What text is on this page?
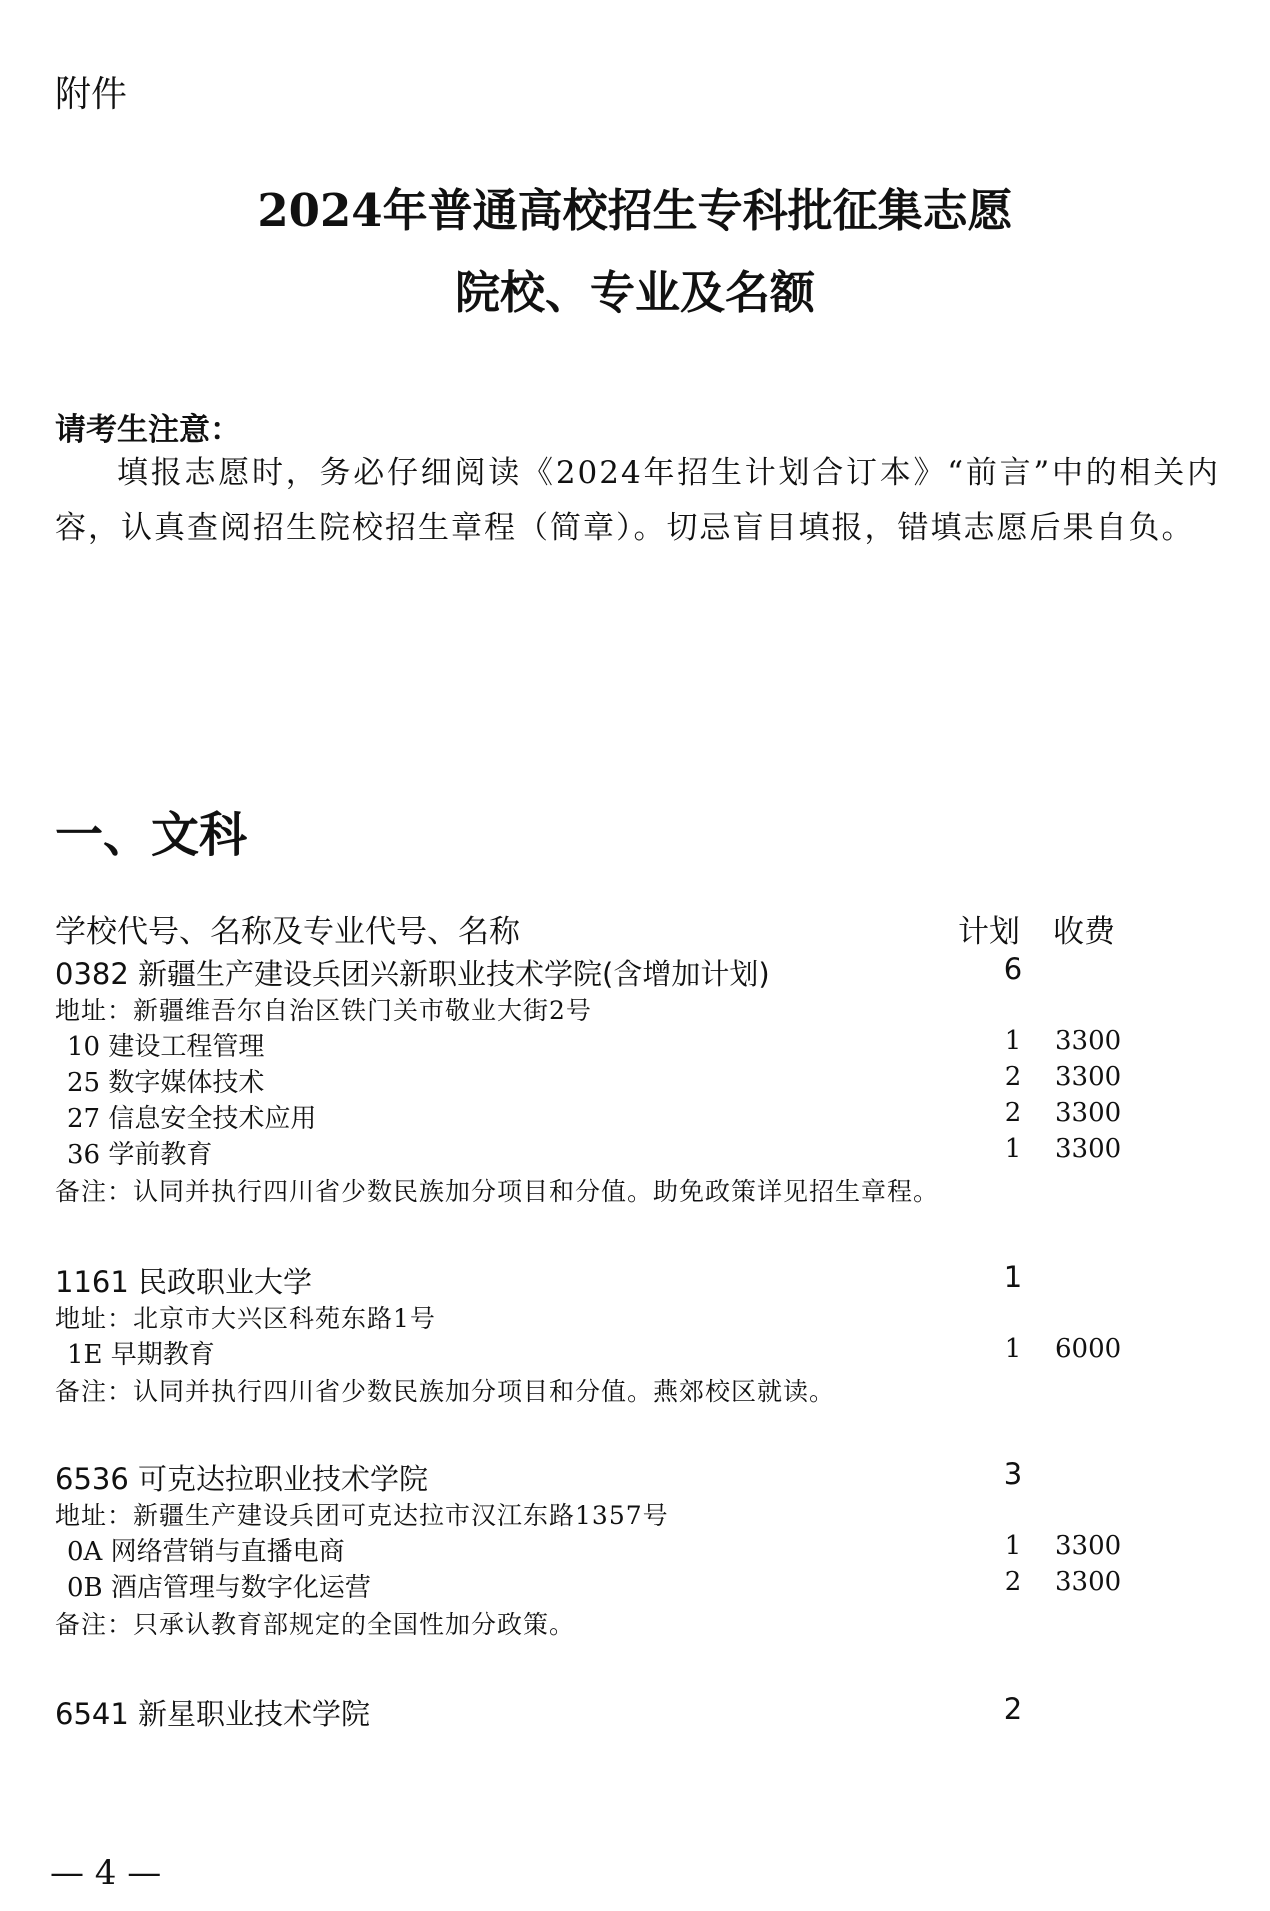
附件
2024年普通高校招生专科批征集志愿
院校、专业及名额
请考生注意：
填报志愿时，务必仔细阅读《2024年招生计划合订本》“前言”中的相关内容，认真查阅招生院校招生章程（简章）。切忌盲目填报，错填志愿后果自负。
一、文科
学校代号、名称及专业代号、名称	计划 收费
0382 新疆生产建设兵团兴新职业技术学院(含增加计划)	6
地址：新疆维吾尔自治区铁门关市敬业大街2号
10 建设工程管理	1 3300
25 数字媒体技术	2 3300
27 信息安全技术应用	2 3300
36 学前教育	1 3300
备注：认同并执行四川省少数民族加分项目和分值。助免政策详见招生章程。
1161 民政职业大学	1
地址：北京市大兴区科苑东路1号
1E 早期教育	1 6000
备注：认同并执行四川省少数民族加分项目和分值。燕郊校区就读。
6536 可克达拉职业技术学院	3
地址：新疆生产建设兵团可克达拉市汉江东路1357号
0A 网络营销与直播电商	1 3300
0B 酒店管理与数字化运营	2 3300
备注：只承认教育部规定的全国性加分政策。
6541 新星职业技术学院	2
— 4 —
